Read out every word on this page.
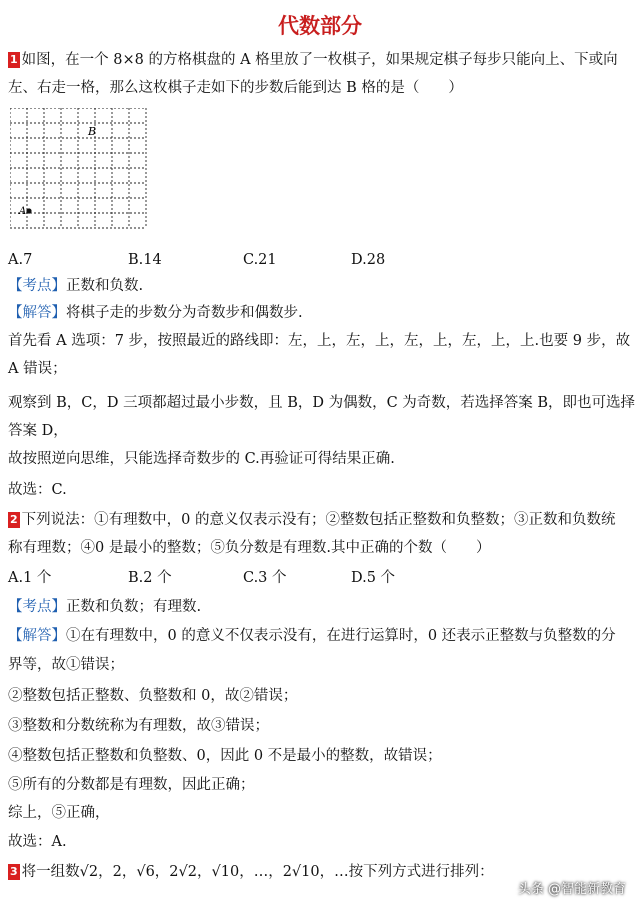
代数部分
1 如图，在一个 8×8 的方格棋盘的 A 格里放了一枚棋子，如果规定棋子每步只能向上、下或向
左、右走一格，那么这枚棋子走如下的步数后能到达 B 格的是（　　）
B
A
A.7	B.14	C.21	D.28
【考点】正数和负数.
【解答】将棋子走的步数分为奇数步和偶数步.
首先看 A 选项：7 步，按照最近的路线即：左，上，左，上，左，上，左，上，上.也要 9 步，故
A 错误；
观察到 B，C，D 三项都超过最小步数，且 B，D 为偶数，C 为奇数，若选择答案 B，即也可选择
答案 D，
故按照逆向思维，只能选择奇数步的 C.再验证可得结果正确.
故选：C.
2 下列说法：①有理数中，0 的意义仅表示没有；②整数包括正整数和负整数；③正数和负数统
称有理数；④0 是最小的整数；⑤负分数是有理数.其中正确的个数（　　）
A.1 个	B.2 个	C.3 个	D.5 个
【考点】正数和负数；有理数.
【解答】①在有理数中，0 的意义不仅表示没有，在进行运算时，0 还表示正整数与负整数的分
界等，故①错误；
②整数包括正整数、负整数和 0，故②错误；
③整数和分数统称为有理数，故③错误；
④整数包括正整数和负整数、0，因此 0 不是最小的整数，故错误；
⑤所有的分数都是有理数，因此正确；
综上，⑤正确，
故选：A.
3 将一组数√2，2，√6，2√2，√10，…，2√10，…按下列方式进行排列：
头条 @智能新教育
